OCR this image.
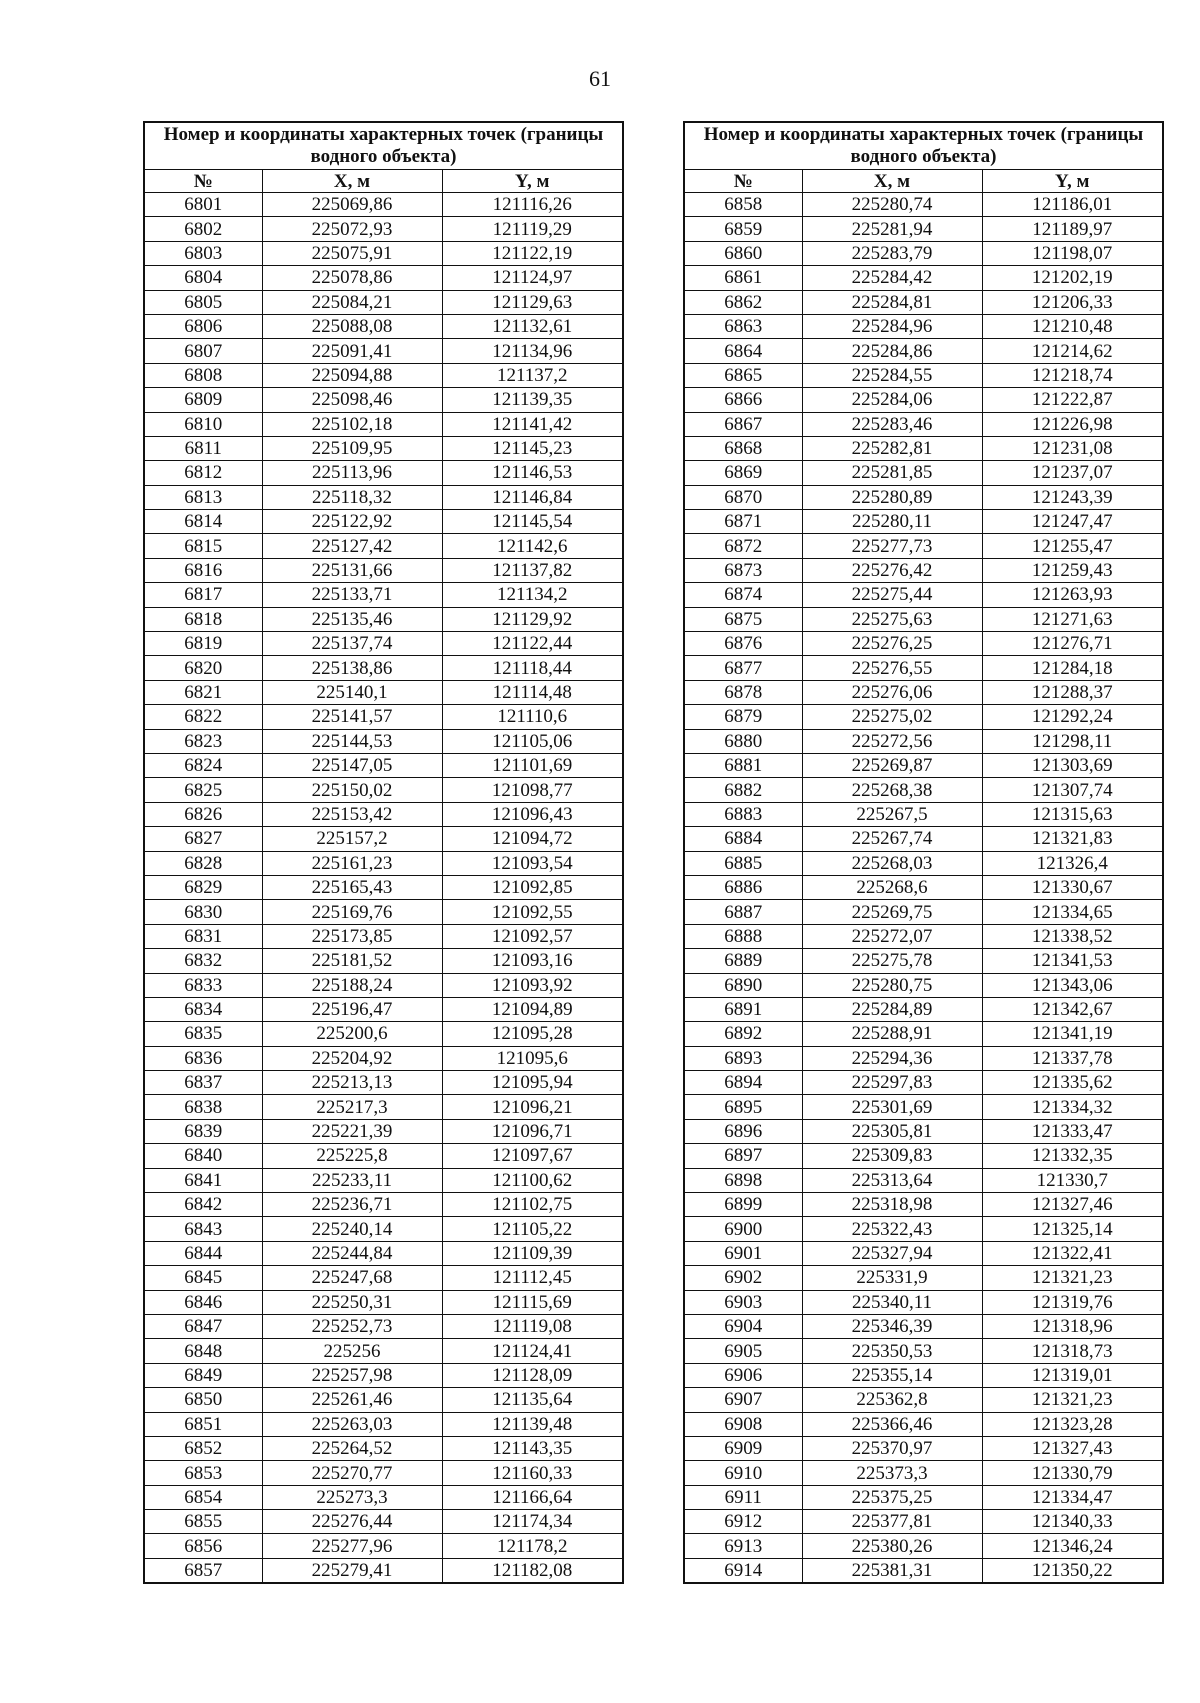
61
Номер и координаты характерных точек (границы водного объекта)		
№	X, м	Y, м
6801	225069,86	121116,26
6802	225072,93	121119,29
6803	225075,91	121122,19
6804	225078,86	121124,97
6805	225084,21	121129,63
6806	225088,08	121132,61
6807	225091,41	121134,96
6808	225094,88	121137,2
6809	225098,46	121139,35
6810	225102,18	121141,42
6811	225109,95	121145,23
6812	225113,96	121146,53
6813	225118,32	121146,84
6814	225122,92	121145,54
6815	225127,42	121142,6
6816	225131,66	121137,82
6817	225133,71	121134,2
6818	225135,46	121129,92
6819	225137,74	121122,44
6820	225138,86	121118,44
6821	225140,1	121114,48
6822	225141,57	121110,6
6823	225144,53	121105,06
6824	225147,05	121101,69
6825	225150,02	121098,77
6826	225153,42	121096,43
6827	225157,2	121094,72
6828	225161,23	121093,54
6829	225165,43	121092,85
6830	225169,76	121092,55
6831	225173,85	121092,57
6832	225181,52	121093,16
6833	225188,24	121093,92
6834	225196,47	121094,89
6835	225200,6	121095,28
6836	225204,92	121095,6
6837	225213,13	121095,94
6838	225217,3	121096,21
6839	225221,39	121096,71
6840	225225,8	121097,67
6841	225233,11	121100,62
6842	225236,71	121102,75
6843	225240,14	121105,22
6844	225244,84	121109,39
6845	225247,68	121112,45
6846	225250,31	121115,69
6847	225252,73	121119,08
6848	225256	121124,41
6849	225257,98	121128,09
6850	225261,46	121135,64
6851	225263,03	121139,48
6852	225264,52	121143,35
6853	225270,77	121160,33
6854	225273,3	121166,64
6855	225276,44	121174,34
6856	225277,96	121178,2
6857	225279,41	121182,08
Номер и координаты характерных точек (границы водного объекта)		
№	X, м	Y, м
6858	225280,74	121186,01
6859	225281,94	121189,97
6860	225283,79	121198,07
6861	225284,42	121202,19
6862	225284,81	121206,33
6863	225284,96	121210,48
6864	225284,86	121214,62
6865	225284,55	121218,74
6866	225284,06	121222,87
6867	225283,46	121226,98
6868	225282,81	121231,08
6869	225281,85	121237,07
6870	225280,89	121243,39
6871	225280,11	121247,47
6872	225277,73	121255,47
6873	225276,42	121259,43
6874	225275,44	121263,93
6875	225275,63	121271,63
6876	225276,25	121276,71
6877	225276,55	121284,18
6878	225276,06	121288,37
6879	225275,02	121292,24
6880	225272,56	121298,11
6881	225269,87	121303,69
6882	225268,38	121307,74
6883	225267,5	121315,63
6884	225267,74	121321,83
6885	225268,03	121326,4
6886	225268,6	121330,67
6887	225269,75	121334,65
6888	225272,07	121338,52
6889	225275,78	121341,53
6890	225280,75	121343,06
6891	225284,89	121342,67
6892	225288,91	121341,19
6893	225294,36	121337,78
6894	225297,83	121335,62
6895	225301,69	121334,32
6896	225305,81	121333,47
6897	225309,83	121332,35
6898	225313,64	121330,7
6899	225318,98	121327,46
6900	225322,43	121325,14
6901	225327,94	121322,41
6902	225331,9	121321,23
6903	225340,11	121319,76
6904	225346,39	121318,96
6905	225350,53	121318,73
6906	225355,14	121319,01
6907	225362,8	121321,23
6908	225366,46	121323,28
6909	225370,97	121327,43
6910	225373,3	121330,79
6911	225375,25	121334,47
6912	225377,81	121340,33
6913	225380,26	121346,24
6914	225381,31	121350,22
